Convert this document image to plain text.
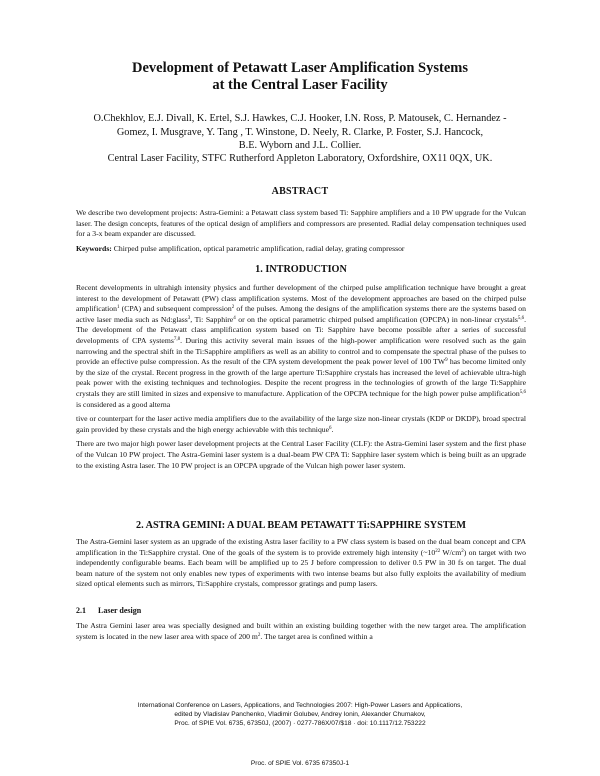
Development of Petawatt Laser Amplification Systems
at the Central Laser Facility
O.Chekhlov, E.J. Divall, K. Ertel, S.J. Hawkes, C.J. Hooker, I.N. Ross, P. Matousek, C. Hernandez -
Gomez, I. Musgrave, Y. Tang , T. Winstone, D. Neely, R. Clarke, P. Foster, S.J. Hancock,
B.E. Wyborn and J.L. Collier.
Central Laser Facility, STFC Rutherford Appleton Laboratory, Oxfordshire, OX11 0QX, UK.
ABSTRACT
We describe two development projects: Astra-Gemini: a Petawatt class system based Ti: Sapphire amplifiers and a 10 PW upgrade for the Vulcan laser. The design concepts, features of the optical design of amplifiers and compressors are presented. Radial delay compensation techniques used for a 3-x beam expander are discussed.
Keywords: Chirped pulse amplification, optical parametric amplification, radial delay, grating compressor
1. INTRODUCTION
Recent developments in ultrahigh intensity physics and further development of the chirped pulse amplification technique have brought a great interest to the development of Petawatt (PW) class amplification systems. Most of the development approaches are based on the chirped pulse amplification$^1$ (CPA) and subsequent compression$^2$ of the pulses. Among the designs of the amplification systems there are the systems based on active laser media such as Nd:glass$^3$, Ti: Sapphire$^4$ or on the optical parametric chirped pulsed amplification (OPCPA) in non-linear crystals$^{5,6}$. The development of the Petawatt class amplification system based on Ti: Sapphire have become possible after a series of successful developments of CPA systems$^{7,8}$. During this activity several main issues of the high-power amplification were resolved such as the gain narrowing and the spectral shift in the Ti:Sapphire amplifiers as well as an ability to control and to compensate the spectral phase of the pulses to provide an effective pulse compression. As the result of the CPA system development the peak power level of 100 $TW^9$ has become limited only by the size of the crystal. Recent progress in the growth of the large aperture Ti:Sapphire crystals has increased the level of achievable ultra-high peak power with the existing techniques and technologies. Despite the recent progress in the technologies of growth of the large Ti:Sapphire crystals they are still limited in sizes and expensive to manufacture. Application of the OPCPA technique for the high power pulse amplification$^{5,6}$ is considered as a good alterna
tive or counterpart for the laser active media amplifiers due to the availability of the large size non-linear crystals (KDP or DKDP), broad spectral gain provided by these crystals and the high energy achievable with this technique$^6$.
There are two major high power laser development projects at the Central Laser Facility (CLF): the Astra-Gemini laser system and the first phase of the Vulcan 10 PW project. The Astra-Gemini laser system is a dual-beam PW CPA Ti: Sapphire laser system which is being built as an upgrade to the existing Astra laser. The 10 PW project is an OPCPA upgrade of the Vulcan high power laser system.
2. ASTRA GEMINI: A DUAL BEAM PETAWATT Ti:SAPPHIRE SYSTEM
The Astra-Gemini laser system as an upgrade of the existing Astra laser facility to a PW class system is based on the dual beam concept and CPA amplification in the Ti:Sapphire crystal. One of the goals of the system is to provide extremely high intensity ($\sim 10^{22}$ $W/cm^2$) on target with two independently configurable beams. Each beam will be amplified up to 25 J before compression to deliver 0.5 PW in 30 fs on target. The dual beam nature of the system not only enables new types of experiments with two intense beams but also fully exploits the availability of medium sized optical elements such as mirrors, Ti:Sapphire crystals, compressor gratings and pump lasers.
2.1 Laser design
The Astra Gemini laser area was specially designed and built within an existing building together with the new target area. The amplification system is located in the new laser area with space of 200 $m^2$. The target area is confined within a
International Conference on Lasers, Applications, and Technologies 2007: High-Power Lasers and Applications,
edited by Vladislav Panchenko, Vladimir Golubev, Andrey Ionin, Alexander Chumakov,
Proc. of SPIE Vol. 6735, 67350J, (2007) · 0277-786X/07/$18 · doi: 10.1117/12.753222
Proc. of SPIE Vol. 6735 67350J-1
